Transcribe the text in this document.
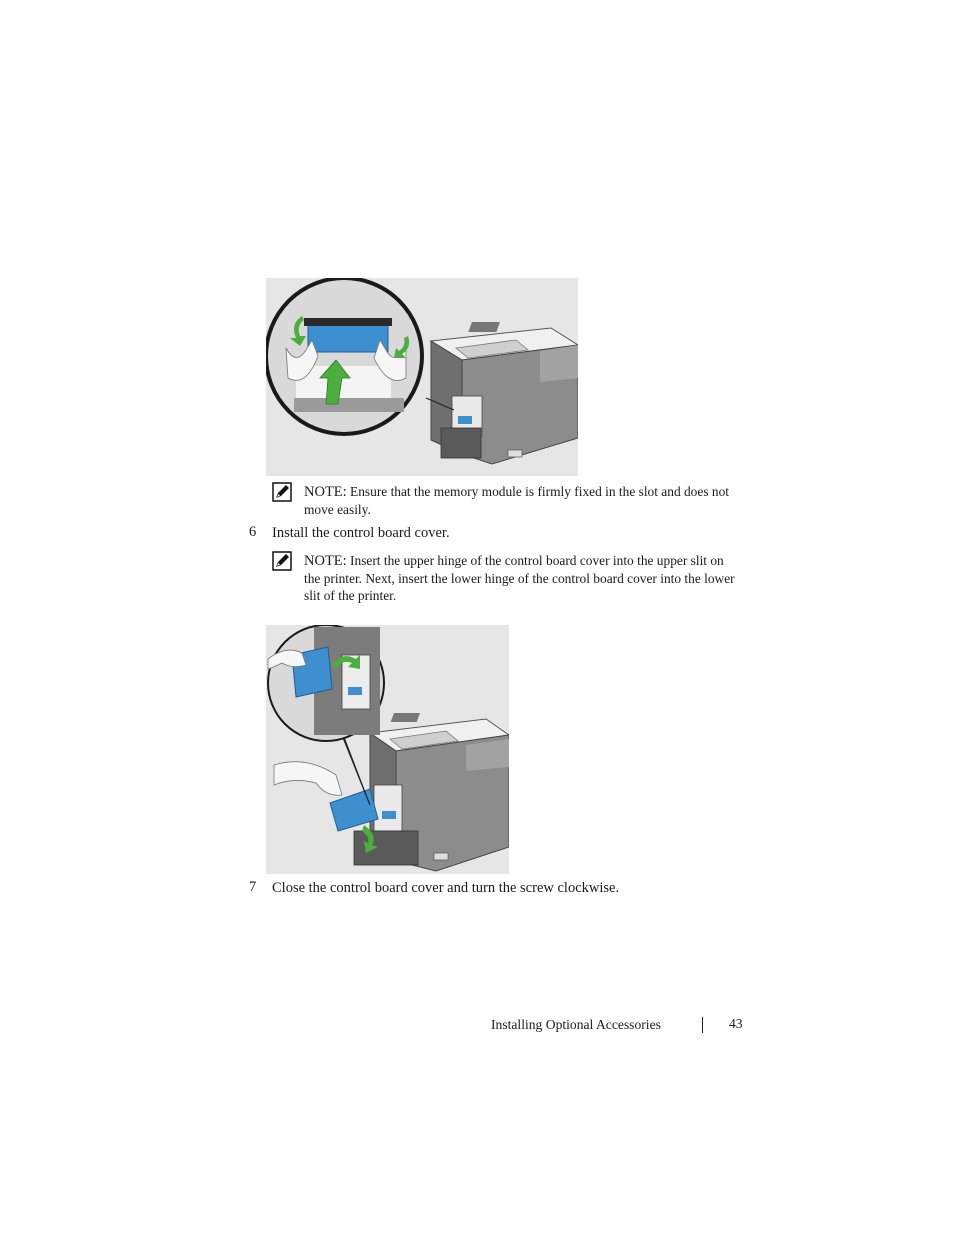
NOTE: Ensure that the memory module is firmly fixed in the slot and does not move easily.
6 Install the control board cover.
NOTE: Insert the upper hinge of the control board cover into the upper slit on the printer. Next, insert the lower hinge of the control board cover into the lower slit of the printer.
7 Close the control board cover and turn the screw clockwise.
Installing Optional Accessories	43
